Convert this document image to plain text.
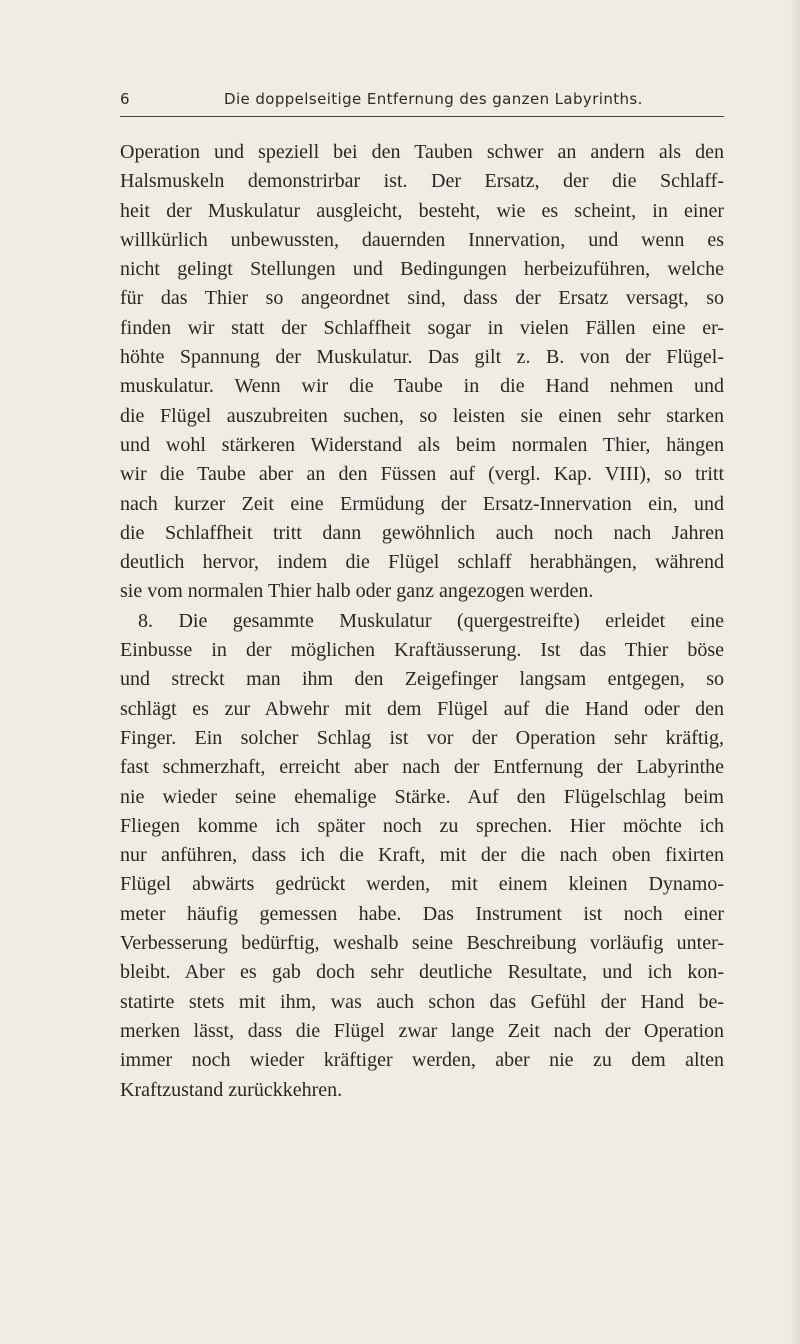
6	Die doppelseitige Entfernung des ganzen Labyrinths.
Operation und speziell bei den Tauben schwer an andern als den
Halsmuskeln demonstrirbar ist. Der Ersatz, der die Schlaff-
heit der Muskulatur ausgleicht, besteht, wie es scheint, in einer
willkürlich unbewussten, dauernden Innervation, und wenn es
nicht gelingt Stellungen und Bedingungen herbeizuführen, welche
für das Thier so angeordnet sind, dass der Ersatz versagt, so
finden wir statt der Schlaffheit sogar in vielen Fällen eine er-
höhte Spannung der Muskulatur. Das gilt z. B. von der Flügel-
muskulatur. Wenn wir die Taube in die Hand nehmen und
die Flügel auszubreiten suchen, so leisten sie einen sehr starken
und wohl stärkeren Widerstand als beim normalen Thier, hängen
wir die Taube aber an den Füssen auf (vergl. Kap. VIII), so tritt
nach kurzer Zeit eine Ermüdung der Ersatz-Innervation ein, und
die Schlaffheit tritt dann gewöhnlich auch noch nach Jahren
deutlich hervor, indem die Flügel schlaff herabhängen, während
sie vom normalen Thier halb oder ganz angezogen werden.
8. Die gesammte Muskulatur (quergestreifte) erleidet eine
Einbusse in der möglichen Kraftäusserung. Ist das Thier böse
und streckt man ihm den Zeigefinger langsam entgegen, so
schlägt es zur Abwehr mit dem Flügel auf die Hand oder den
Finger. Ein solcher Schlag ist vor der Operation sehr kräftig,
fast schmerzhaft, erreicht aber nach der Entfernung der Labyrinthe
nie wieder seine ehemalige Stärke. Auf den Flügelschlag beim
Fliegen komme ich später noch zu sprechen. Hier möchte ich
nur anführen, dass ich die Kraft, mit der die nach oben fixirten
Flügel abwärts gedrückt werden, mit einem kleinen Dynamo-
meter häufig gemessen habe. Das Instrument ist noch einer
Verbesserung bedürftig, weshalb seine Beschreibung vorläufig unter-
bleibt. Aber es gab doch sehr deutliche Resultate, und ich kon-
statirte stets mit ihm, was auch schon das Gefühl der Hand be-
merken lässt, dass die Flügel zwar lange Zeit nach der Operation
immer noch wieder kräftiger werden, aber nie zu dem alten
Kraftzustand zurückkehren.
